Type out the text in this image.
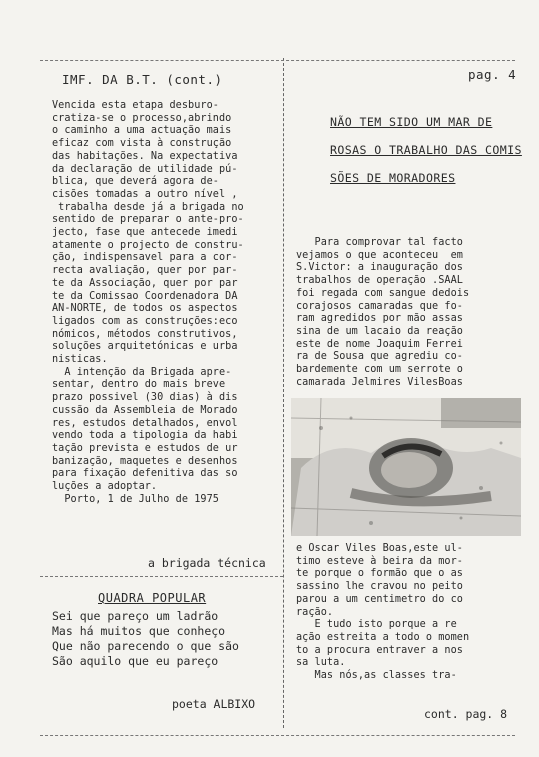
IMF. DA B.T. (cont.)	pag. 4
Vencida esta etapa desburo-
cratiza-se o processo,abrindo
o caminho a uma actuação mais
eficaz com vista à construção
das habitações. Na expectativa
da declaração de utilidade pú-
blica, que deverá agora de-
cisões tomadas a outro nível ,
trabalha desde já a brigada no
sentido de preparar o ante-pro-
jecto, fase que antecede imedi
atamente o projecto de constru-
ção, indispensavel para a cor-
recta avaliação, quer por par-
te da Associação, quer por par
te da Comissao Coordenadora DA
AN-NORTE, de todos os aspectos
ligados com as construções:eco
nómicos, métodos construtivos,
soluções arquitetónicas e urba
nisticas.
A intenção da Brigada apre-
sentar, dentro do mais breve
prazo possivel (30 dias) à dis
cussão da Assembleia de Morado
res, estudos detalhados, envol
vendo toda a tipologia da habi
tação prevista e estudos de ur
banização, maquetes e desenhos
para fixação defenitiva das so
luções a adoptar.
Porto, 1 de Julho de 1975
a brigada técnica
QUADRA POPULAR
Sei que pareço um ladrão
Mas há muitos que conheço
Que não parecendo o que são
São aquilo que eu pareço
poeta ALBIXO
NÃO TEM SIDO UM MAR DE
ROSAS O TRABALHO DAS COMIS
SÕES DE MORADORES
Para comprovar tal facto
vejamos o que aconteceu  em
S.Victor: a inauguração dos
trabalhos de operação .SAAL
foi regada com sangue dedois
corajosos camaradas que fo-
ram agredidos por mão assas
sina de um lacaio da reação
este de nome Joaquim Ferrei
ra de Sousa que agrediu co-
bardemente com um serrote o
camarada Jelmires VilesBoas
e Oscar Viles Boas,este ul-
timo esteve à beira da mor-
te porque o formão que o as
sassino lhe cravou no peito
parou a um centimetro do co
ração.
E tudo isto porque a re
ação estreita a todo o momen
to a procura entraver a nos
sa luta.
Mas nós,as classes tra-
cont. pag. 8
